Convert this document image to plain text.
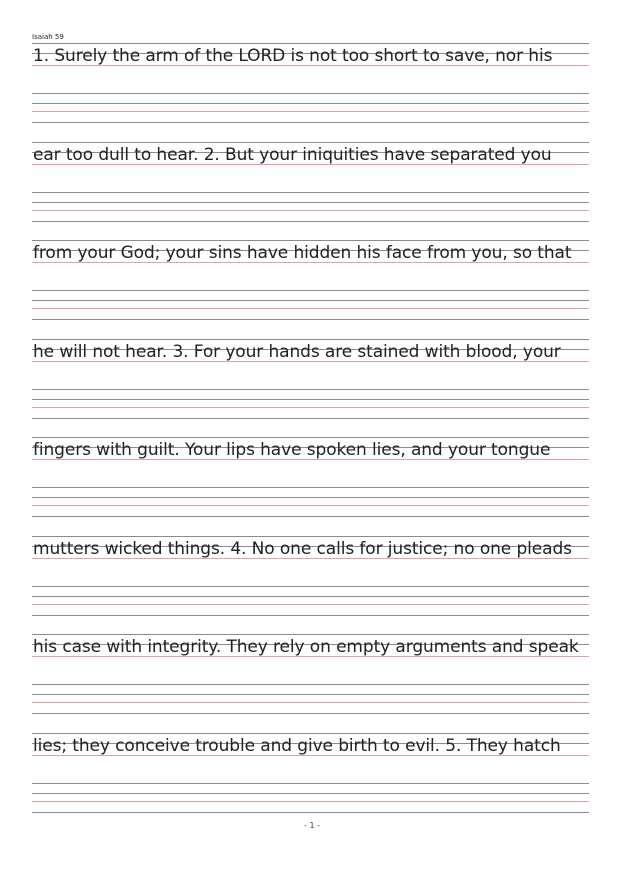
Isaiah 59
1. Surely the arm of the LORD is not too short to save, nor his
ear too dull to hear. 2. But your iniquities have separated you
from your God; your sins have hidden his face from you, so that
he will not hear. 3. For your hands are stained with blood, your
fingers with guilt. Your lips have spoken lies, and your tongue
mutters wicked things. 4. No one calls for justice; no one pleads
his case with integrity. They rely on empty arguments and speak
lies; they conceive trouble and give birth to evil. 5. They hatch
- 1 -
